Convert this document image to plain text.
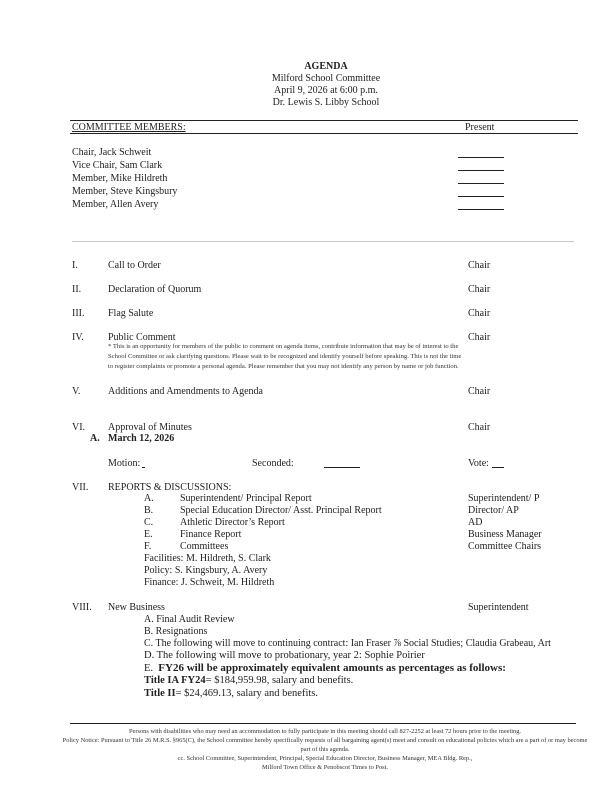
AGENDA
Milford School Committee
April 9, 2026 at 6:00 p.m.
Dr. Lewis S. Libby School
COMMITTEE MEMBERS:	Present
Chair, Jack Schweit
Vice Chair, Sam Clark
Member, Mike Hildreth
Member, Steve Kingsbury
Member, Allen Avery
I.	Call to Order	Chair
II.	Declaration of Quorum	Chair
III. Flag Salute	Chair
IV. Public Comment	Chair
* This is an opportunity for members of the public to comment on agenda items, contribute information that may be of interest to the
School Committee or ask clarifying questions. Please wait to be recognized and identify yourself before speaking. This is not the time
to register complaints or promote a personal agenda. Please remember that you may not identify any person by name or job function.
V.	Additions and Amendments to Agenda	Chair
VI. Approval of Minutes	Chair
A. March 12, 2026
Motion:	Seconded:	Vote:
VII. REPORTS & DISCUSSIONS:
A.	Superintendent/ Principal Report	Superintendent/ P
B.	Special Education Director/ Asst. Principal Report	Director/ AP
C.	Athletic Director’s Report	AD
E.	Finance Report	Business Manager
F.	Committees	Committee Chairs
Facilities: M. Hildreth, S. Clark
Policy: S. Kingsbury, A. Avery
Finance: J. Schweit, M. Hildreth
VIII. New Business	Superintendent
A. Final Audit Review
B. Resignations
C. The following will move to continuing contract: Ian Fraser ⅞ Social Studies; Claudia Grabeau, Art
D. The following will move to probationary, year 2: Sophie Poirier
E. FY26 will be approximately equivalent amounts as percentages as follows:
Title IA FY24= $184,959.98, salary and benefits.
Title II= $24,469.13, salary and benefits.
Persons with disabilities who may need an accommodation to fully participate in this meeting should call 827-2252 at least 72 hours prior to the meeting.
Policy Notice: Pursuant to Title 26 M.R.S. §965(C), the School committee hereby specifically requests of all bargaining agent(s) meet and consult on educational policies which are a part of or may become part of this agenda.
cc. School Committee, Superintendent, Principal, Special Education Director, Business Manager, MEA Bldg. Rep.,
Milford Town Office & Penobscot Times to Post.
